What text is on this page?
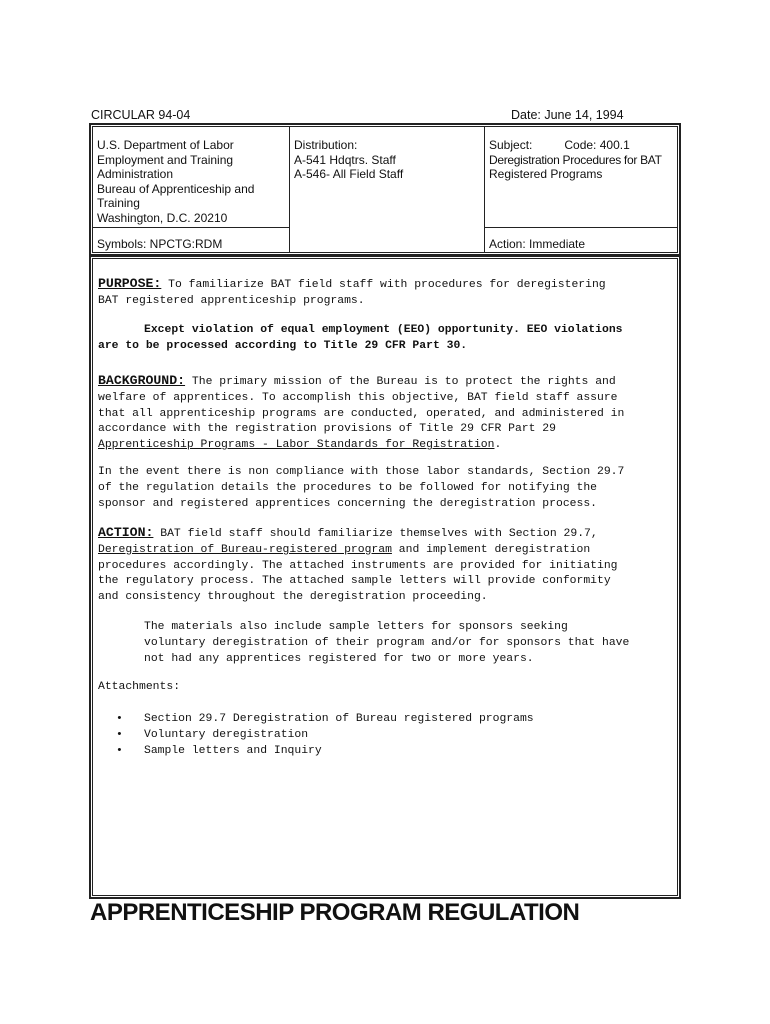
CIRCULAR 94-04	Date: June 14, 1994
U.S. Department of Labor
Employment and Training
Administration
Bureau of Apprenticeship and
Training
Washington, D.C. 20210
Symbols: NPCTG:RDM
Distribution:
A-541 Hdqtrs. Staff
A-546- All Field Staff
Subject:	Code: 400.1
Deregistration Procedures for BAT
Registered Programs
Action: Immediate
PURPOSE: To familiarize BAT field staff with procedures for deregistering
BAT registered apprenticeship programs.
Except violation of equal employment (EEO) opportunity. EEO violations
are to be processed according to Title 29 CFR Part 30.
BACKGROUND: The primary mission of the Bureau is to protect the rights and
welfare of apprentices. To accomplish this objective, BAT field staff assure
that all apprenticeship programs are conducted, operated, and administered in
accordance with the registration provisions of Title 29 CFR Part 29
Apprenticeship Programs - Labor Standards for Registration.
In the event there is non compliance with those labor standards, Section 29.7
of the regulation details the procedures to be followed for notifying the
sponsor and registered apprentices concerning the deregistration process.
ACTION: BAT field staff should familiarize themselves with Section 29.7,
Deregistration of Bureau-registered program and implement deregistration
procedures accordingly. The attached instruments are provided for initiating
the regulatory process. The attached sample letters will provide conformity
and consistency throughout the deregistration proceeding.
The materials also include sample letters for sponsors seeking
voluntary deregistration of their program and/or for sponsors that have
not had any apprentices registered for two or more years.
Attachments:
• Section 29.7 Deregistration of Bureau registered programs
• Voluntary deregistration
• Sample letters and Inquiry
APPRENTICESHIP PROGRAM REGULATION
